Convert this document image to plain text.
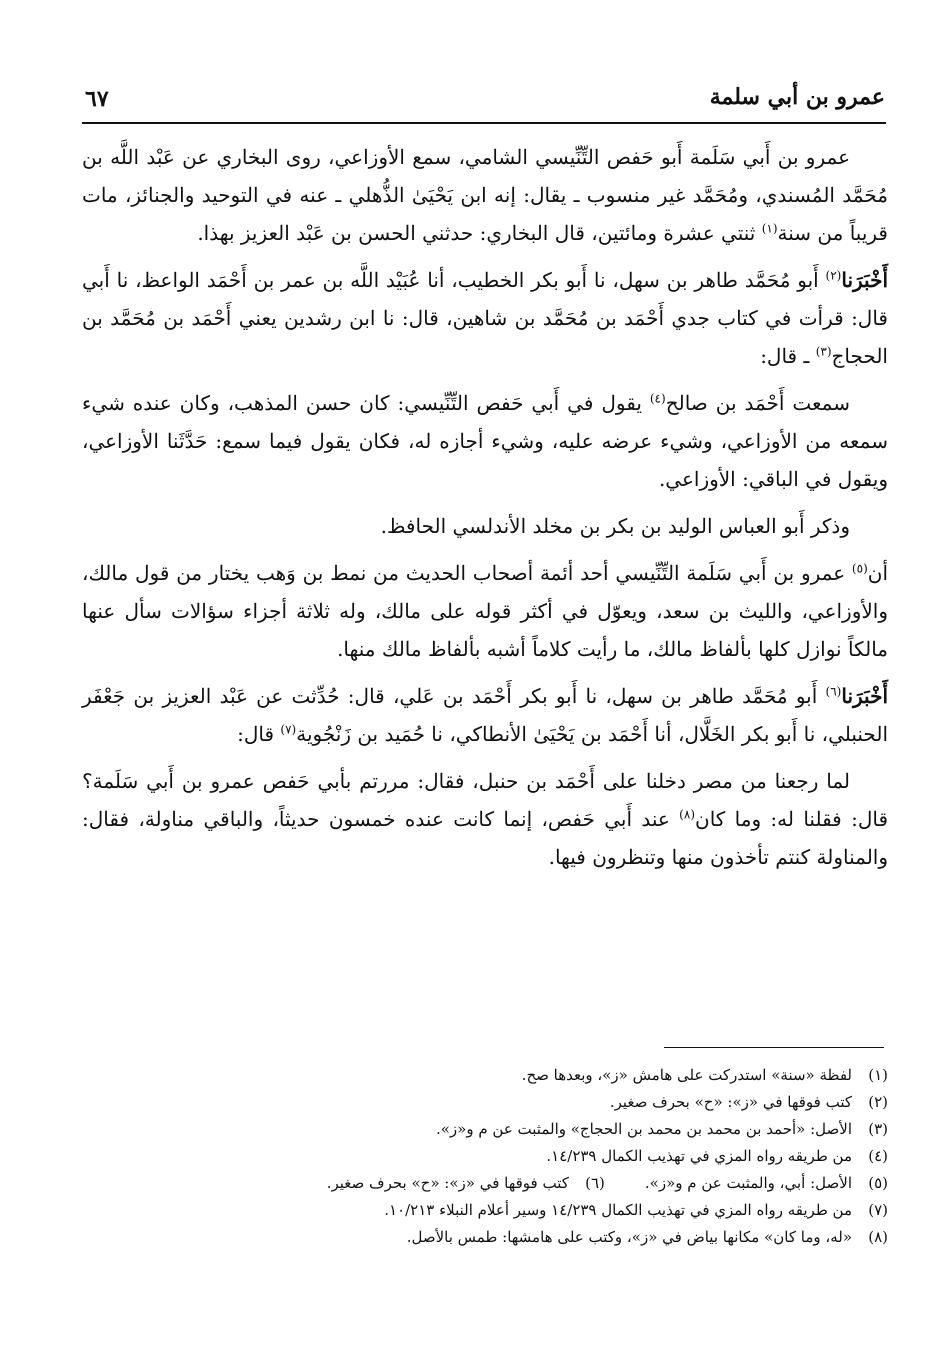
عمرو بن أبي سلمة
٦٧

عمرو بن أَبي سَلَمة أَبو حَفص التِّنِّيسي الشامي، سمع الأوزاعي، روى البخاري عن عَبْد اللَّه بن مُحَمَّد المُسندي، ومُحَمَّد غير منسوب ـ يقال: إنه ابن يَحْيَىٰ الذُّهلي ـ عنه في التوحيد والجنائز، مات قريباً من سنة$^{(١)}$ ثنتي عشرة ومائتين، قال البخاري: حدثني الحسن بن عَبْد العزيز بهذا.

أَخْبَرَنا$^{(٢)}$ أَبو مُحَمَّد طاهر بن سهل، نا أَبو بكر الخطيب، أنا عُبَيْد اللَّه بن عمر بن أَحْمَد الواعظ، نا أَبي قال: قرأت في كتاب جدي أَحْمَد بن مُحَمَّد بن شاهين، قال: نا ابن رشدين يعني أَحْمَد بن مُحَمَّد بن الحجاج$^{(٣)}$ ـ قال:

سمعت أَحْمَد بن صالح$^{(٤)}$ يقول في أَبي حَفص التِّنِّيسي: كان حسن المذهب، وكان عنده شيء سمعه من الأوزاعي، وشيء عرضه عليه، وشيء أجازه له، فكان يقول فيما سمع: حَدَّثَنا الأوزاعي، ويقول في الباقي: الأوزاعي.

وذكر أَبو العباس الوليد بن بكر بن مخلد الأندلسي الحافظ.

أن$^{(٥)}$ عمرو بن أَبي سَلَمة التِّنِّيسي أحد أئمة أصحاب الحديث من نمط بن وَهب يختار من قول مالك، والأوزاعي، والليث بن سعد، ويعوّل في أكثر قوله على مالك، وله ثلاثة أجزاء سؤالات سأل عنها مالكاً نوازل كلها بألفاظ مالك، ما رأيت كلاماً أشبه بألفاظ مالك منها.

أَخْبَرَنا$^{(٦)}$ أَبو مُحَمَّد طاهر بن سهل، نا أَبو بكر أَحْمَد بن عَلي، قال: حُدِّثت عن عَبْد العزيز بن جَعْفَر الحنبلي، نا أَبو بكر الخَلَّال، أنا أَحْمَد بن يَحْيَىٰ الأنطاكي، نا حُمَيد بن زَنْجُوية$^{(٧)}$ قال:

لما رجعنا من مصر دخلنا على أَحْمَد بن حنبل، فقال: مررتم بأبي حَفص عمرو بن أَبي سَلَمة؟ قال: فقلنا له: وما كان$^{(٨)}$ عند أَبي حَفص، إنما كانت عنده خمسون حديثاً، والباقي مناولة، فقال: والمناولة كنتم تأخذون منها وتنظرون فيها.

(١)لفظة «سنة» استدركت على هامش «ز»، وبعدها صح.

(٢)كتب فوقها في «ز»: «ح» بحرف صغير.

(٣)الأصل: «أحمد بن محمد بن محمد بن الحجاج» والمثبت عن م و«ز».

(٤)من طريقه رواه المزي في تهذيب الكمال ١٤/٢٣٩.

(٥)الأصل: أبي، والمثبت عن م و«ز».(٦)كتب فوقها في «ز»: «ح» بحرف صغير.

(٧)من طريقه رواه المزي في تهذيب الكمال ١٤/٢٣٩ وسير أعلام النبلاء ١٠/٢١٣.

(٨)«له، وما كان» مكانها بياض في «ز»، وكتب على هامشها: طمس بالأصل.
